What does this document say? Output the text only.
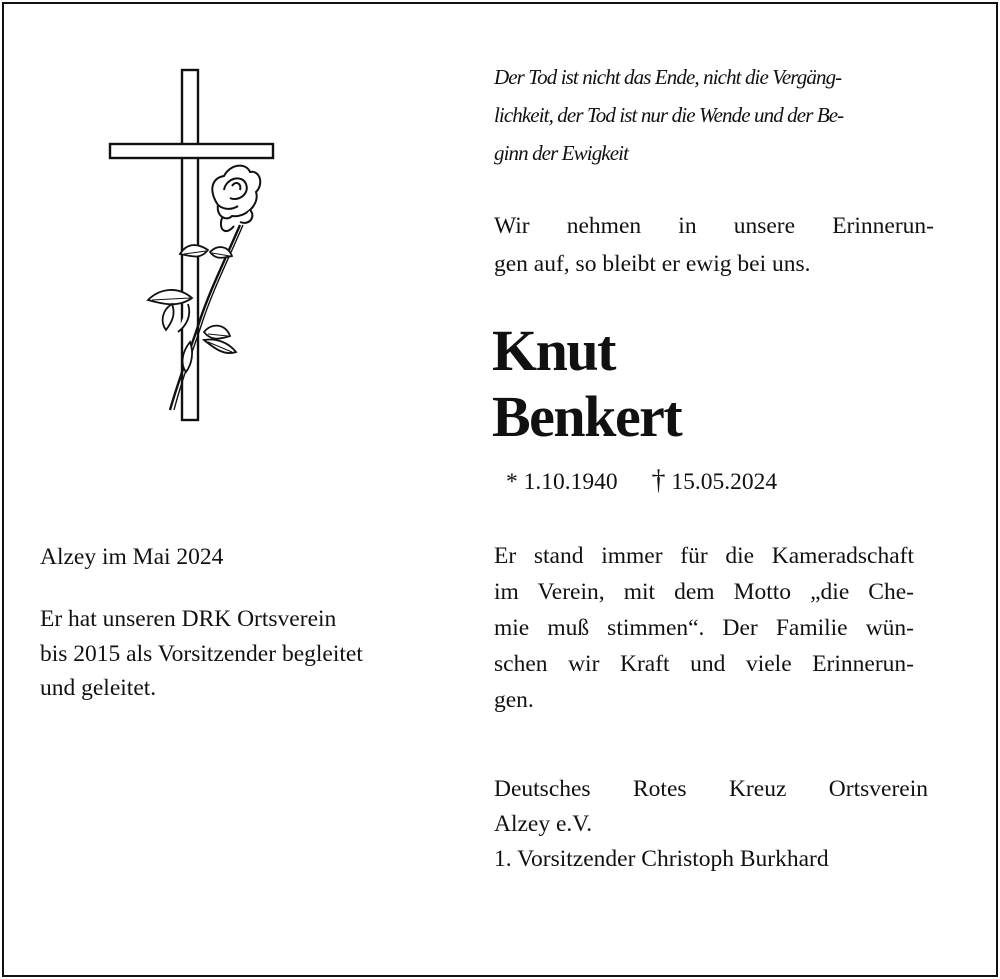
Der Tod ist nicht das Ende, nicht die Vergäng-
lichkeit, der Tod ist nur die Wende und der Be-
ginn der Ewigkeit
Wir nehmen in unsere Erinnerun-
gen auf, so bleibt er ewig bei uns.
Knut
Benkert
* 1.10.1940 † 15.05.2024
Alzey im Mai 2024
Er hat unseren DRK Ortsverein
bis 2015 als Vorsitzender begleitet
und geleitet.
Er stand immer für die Kameradschaft
im Verein, mit dem Motto „die Che-
mie muß stimmen“. Der Familie wün-
schen wir Kraft und viele Erinnerun-
gen.
Deutsches Rotes Kreuz Ortsverein
Alzey e.V.
1. Vorsitzender Christoph Burkhard
